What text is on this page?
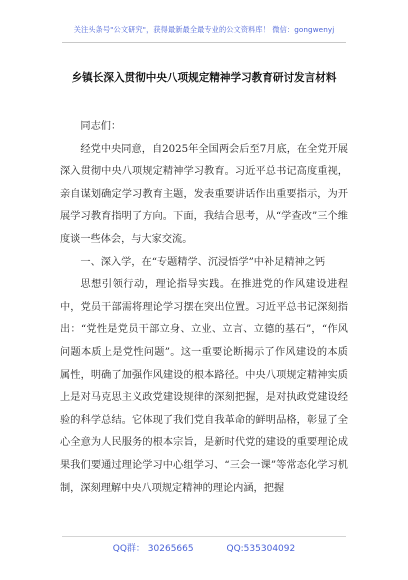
关注头条号"公文研究"，获得最新最全最专业的公文资料库！ 微信：gongwenyj
乡镇长深入贯彻中央八项规定精神学习教育研讨发言材料

同志们：

经党中央同意，自2025年全国两会后至7月底，在全党开展深入贯彻中央八项规定精神学习教育。习近平总书记高度重视，亲自谋划确定学习教育主题，发表重要讲话作出重要指示，为开展学习教育指明了方向。下面，我结合思考，从“学查改”三个维度谈一些体会，与大家交流。

一、深入学，在“专题精学、沉浸悟学”中补足精神之钙

思想引领行动，理论指导实践。在推进党的作风建设进程中，党员干部需将理论学习摆在突出位置。习近平总书记深刻指出：“党性是党员干部立身、立业、立言、立德的基石”，“作风问题本质上是党性问题”。这一重要论断揭示了作风建设的本质属性，明确了加强作风建设的根本路径。中央八项规定精神实质上是对马克思主义政党建设规律的深刻把握，是对执政党建设经验的科学总结。它体现了我们党自我革命的鲜明品格，彰显了全心全意为人民服务的根本宗旨，是新时代党的建设的重要理论成果我们要通过理论学习中心组学习、“三会一课”等常态化学习机制，深刻理解中央八项规定精神的理论内涵，把握

QQ群： 30265665	QQ:535304092
